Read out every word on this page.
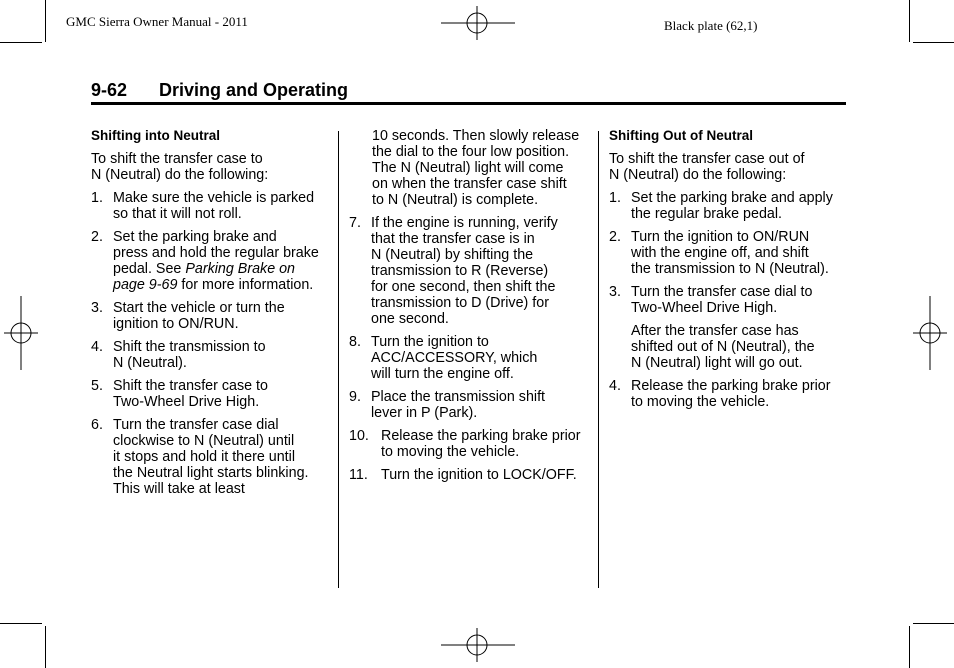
GMC Sierra Owner Manual - 2011	Black plate (62,1)
9-62 Driving and Operating
Shifting into Neutral
To shift the transfer case to
N (Neutral) do the following:
1. Make sure the vehicle is parked
so that it will not roll.
2. Set the parking brake and
press and hold the regular brake
pedal. See Parking Brake on
page 9-69 for more information.
3. Start the vehicle or turn the
ignition to ON/RUN.
4. Shift the transmission to
N (Neutral).
5. Shift the transfer case to
Two-Wheel Drive High.
6. Turn the transfer case dial
clockwise to N (Neutral) until
it stops and hold it there until
the Neutral light starts blinking.
This will take at least
10 seconds. Then slowly release
the dial to the four low position.
The N (Neutral) light will come
on when the transfer case shift
to N (Neutral) is complete.
7. If the engine is running, verify
that the transfer case is in
N (Neutral) by shifting the
transmission to R (Reverse)
for one second, then shift the
transmission to D (Drive) for
one second.
8. Turn the ignition to
ACC/ACCESSORY, which
will turn the engine off.
9. Place the transmission shift
lever in P (Park).
10. Release the parking brake prior
to moving the vehicle.
11. Turn the ignition to LOCK/OFF.
Shifting Out of Neutral
To shift the transfer case out of
N (Neutral) do the following:
1. Set the parking brake and apply
the regular brake pedal.
2. Turn the ignition to ON/RUN
with the engine off, and shift
the transmission to N (Neutral).
3. Turn the transfer case dial to
Two-Wheel Drive High.
After the transfer case has
shifted out of N (Neutral), the
N (Neutral) light will go out.
4. Release the parking brake prior
to moving the vehicle.
